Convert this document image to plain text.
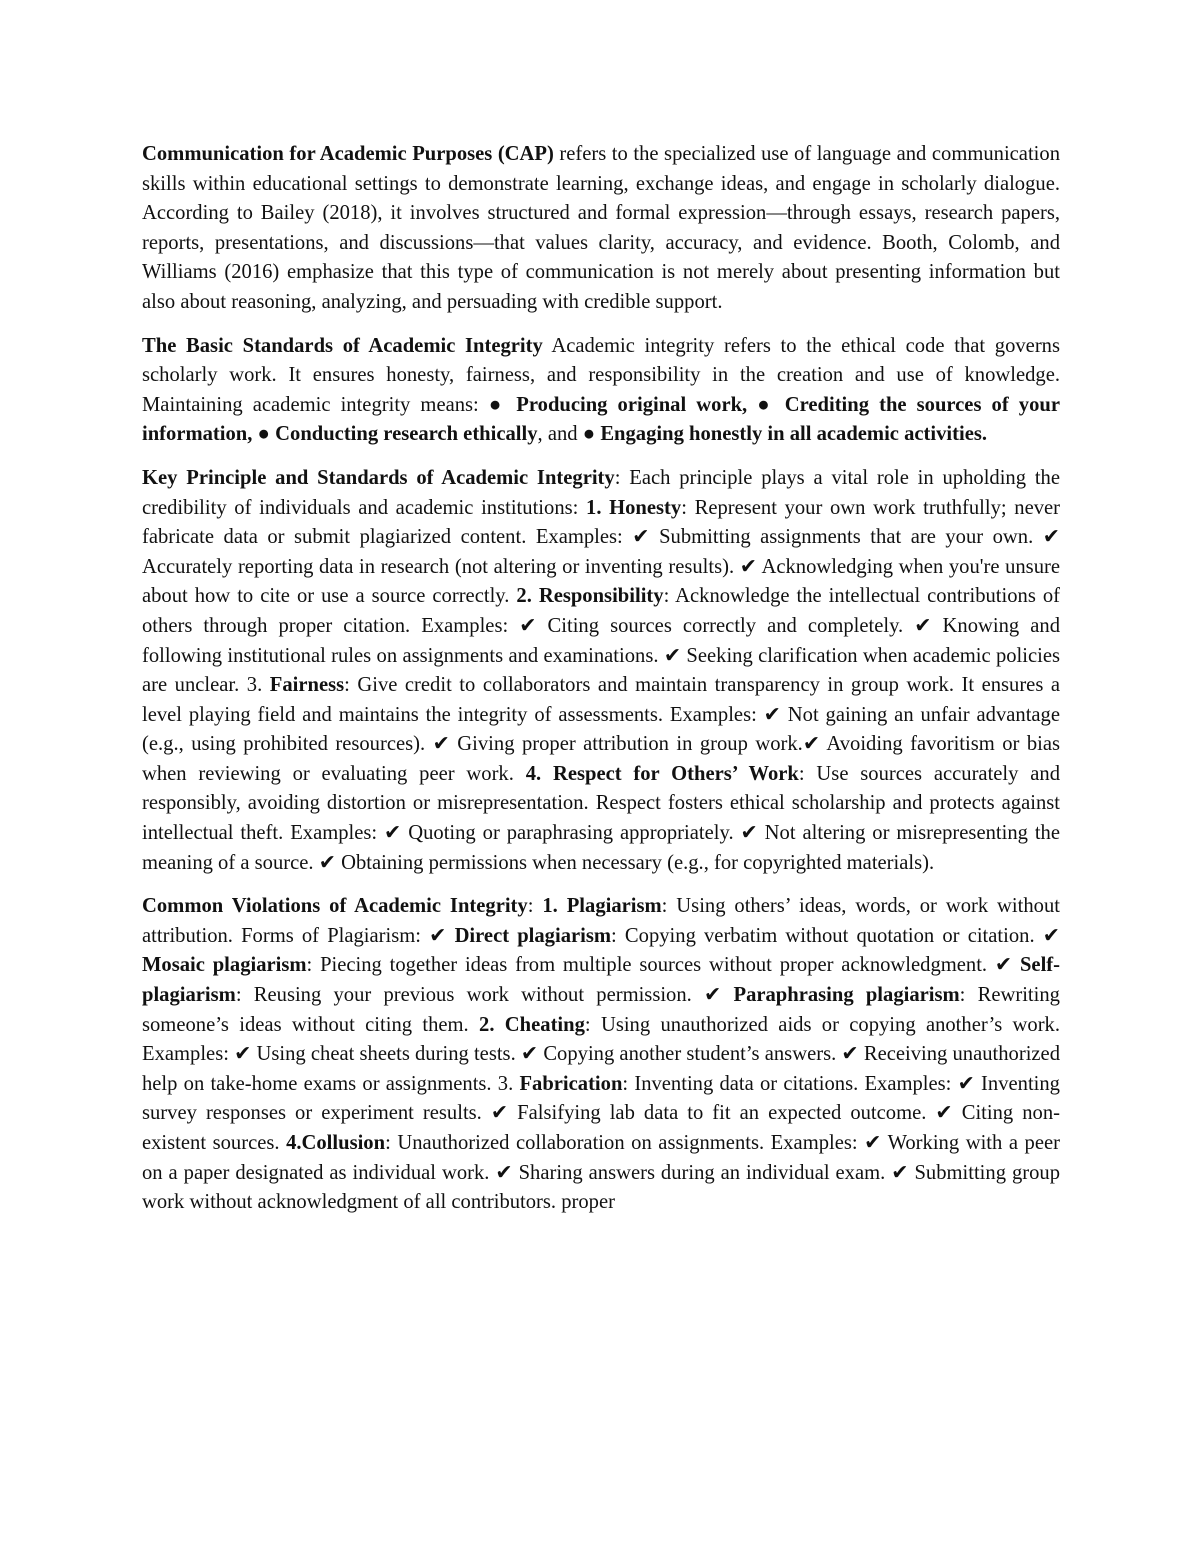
Communication for Academic Purposes (CAP) refers to the specialized use of language and communication skills within educational settings to demonstrate learning, exchange ideas, and engage in scholarly dialogue. According to Bailey (2018), it involves structured and formal expression—through essays, research papers, reports, presentations, and discussions—that values clarity, accuracy, and evidence. Booth, Colomb, and Williams (2016) emphasize that this type of communication is not merely about presenting information but also about reasoning, analyzing, and persuading with credible support.

The Basic Standards of Academic Integrity Academic integrity refers to the ethical code that governs scholarly work. It ensures honesty, fairness, and responsibility in the creation and use of knowledge. Maintaining academic integrity means: ● Producing original work, ● Crediting the sources of your information, ● Conducting research ethically, and ● Engaging honestly in all academic activities.

Key Principle and Standards of Academic Integrity: Each principle plays a vital role in upholding the credibility of individuals and academic institutions: 1. Honesty: Represent your own work truthfully; never fabricate data or submit plagiarized content. Examples: ✔ Submitting assignments that are your own. ✔ Accurately reporting data in research (not altering or inventing results). ✔ Acknowledging when you're unsure about how to cite or use a source correctly. 2. Responsibility: Acknowledge the intellectual contributions of others through proper citation. Examples: ✔ Citing sources correctly and completely. ✔ Knowing and following institutional rules on assignments and examinations. ✔ Seeking clarification when academic policies are unclear. 3. Fairness: Give credit to collaborators and maintain transparency in group work. It ensures a level playing field and maintains the integrity of assessments. Examples: ✔ Not gaining an unfair advantage (e.g., using prohibited resources). ✔ Giving proper attribution in group work.✔ Avoiding favoritism or bias when reviewing or evaluating peer work. 4. Respect for Others’ Work: Use sources accurately and responsibly, avoiding distortion or misrepresentation. Respect fosters ethical scholarship and protects against intellectual theft. Examples: ✔ Quoting or paraphrasing appropriately. ✔ Not altering or misrepresenting the meaning of a source. ✔ Obtaining permissions when necessary (e.g., for copyrighted materials).

Common Violations of Academic Integrity: 1. Plagiarism: Using others’ ideas, words, or work without attribution. Forms of Plagiarism: ✔ Direct plagiarism: Copying verbatim without quotation or citation. ✔ Mosaic plagiarism: Piecing together ideas from multiple sources without proper acknowledgment. ✔ Self-plagiarism: Reusing your previous work without permission. ✔ Paraphrasing plagiarism: Rewriting someone’s ideas without citing them. 2. Cheating: Using unauthorized aids or copying another’s work. Examples: ✔ Using cheat sheets during tests. ✔ Copying another student’s answers. ✔ Receiving unauthorized help on take-home exams or assignments. 3. Fabrication: Inventing data or citations. Examples: ✔ Inventing survey responses or experiment results. ✔ Falsifying lab data to fit an expected outcome. ✔ Citing non-existent sources. 4.Collusion: Unauthorized collaboration on assignments. Examples: ✔ Working with a peer on a paper designated as individual work. ✔ Sharing answers during an individual exam. ✔ Submitting group work without acknowledgment of all contributors. proper
